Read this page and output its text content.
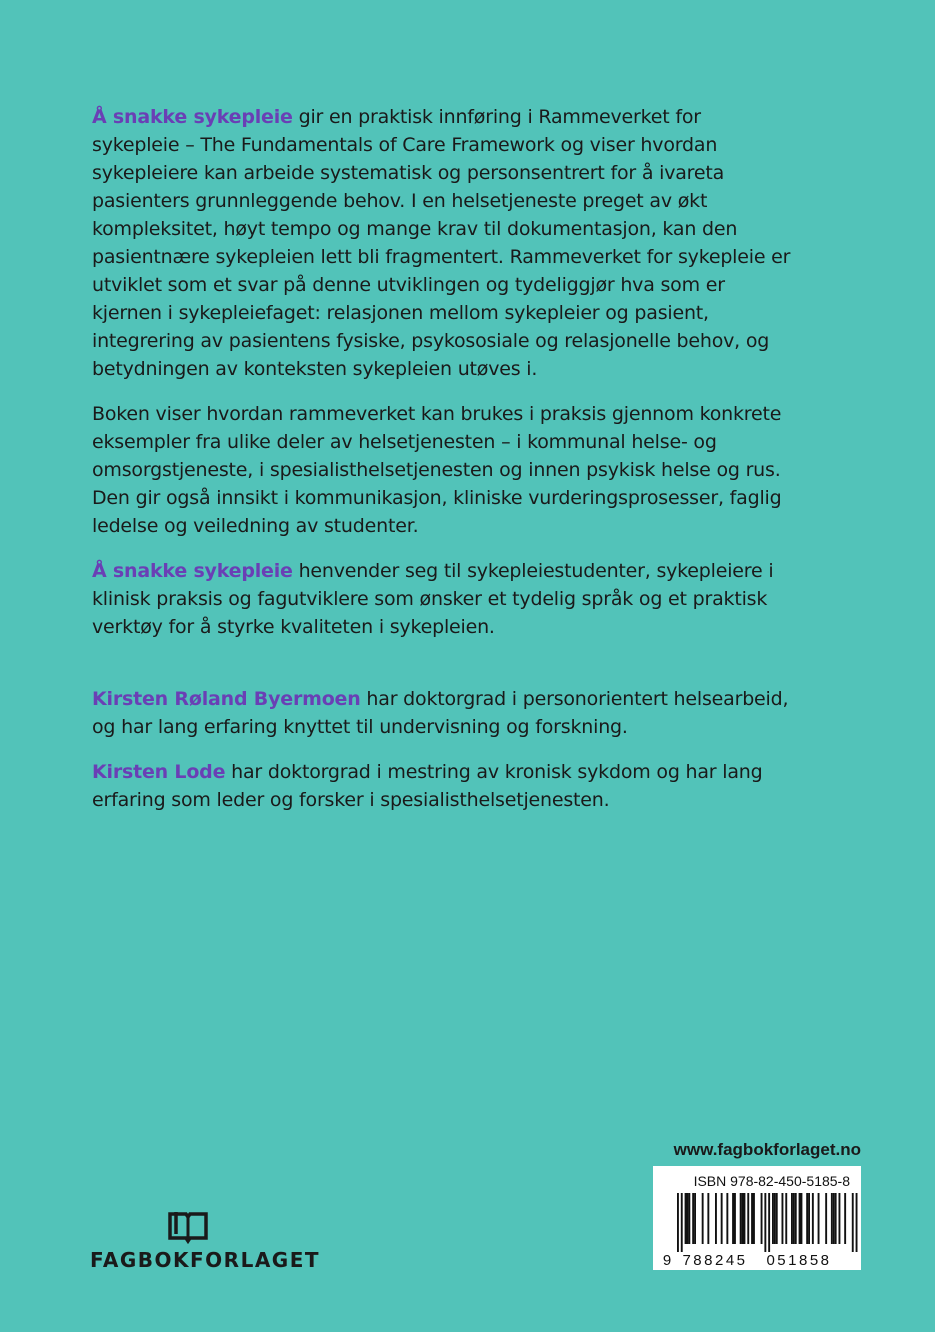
Å snakke sykepleie gir en praktisk innføring i Rammeverket for sykepleie – The Fundamentals of Care Framework og viser hvordan sykepleiere kan arbeide systematisk og personsentrert for å ivareta pasienters grunnleggende behov. I en helsetjeneste preget av økt kompleksitet, høyt tempo og mange krav til dokumentasjon, kan den pasientnære sykepleien lett bli fragmentert. Rammeverket for sykepleie er utviklet som et svar på denne utviklingen og tydeliggjør hva som er kjernen i sykepleiefaget: relasjonen mellom sykepleier og pasient, integrering av pasientens fysiske, psykososiale og relasjonelle behov, og betydningen av konteksten sykepleien utøves i.

Boken viser hvordan rammeverket kan brukes i praksis gjennom konkrete eksempler fra ulike deler av helsetjenesten – i kommunal helse- og omsorgstjeneste, i spesialisthelsetjenesten og innen psykisk helse og rus. Den gir også innsikt i kommunikasjon, kliniske vurderingsprosesser, faglig ledelse og veiledning av studenter.

Å snakke sykepleie henvender seg til sykepleiestudenter, sykepleiere i klinisk praksis og fagutviklere som ønsker et tydelig språk og et praktisk verktøy for å styrke kvaliteten i sykepleien.

Kirsten Røland Byermoen har doktorgrad i personorientert helsearbeid, og har lang erfaring knyttet til undervisning og forskning.

Kirsten Lode har doktorgrad i mestring av kronisk sykdom og har lang erfaring som leder og forsker i spesialisthelsetjenesten.

FAGBOKFORLAGET
www.fagbokforlaget.no
ISBN 978-82-450-5185-8
9 788245 051858
